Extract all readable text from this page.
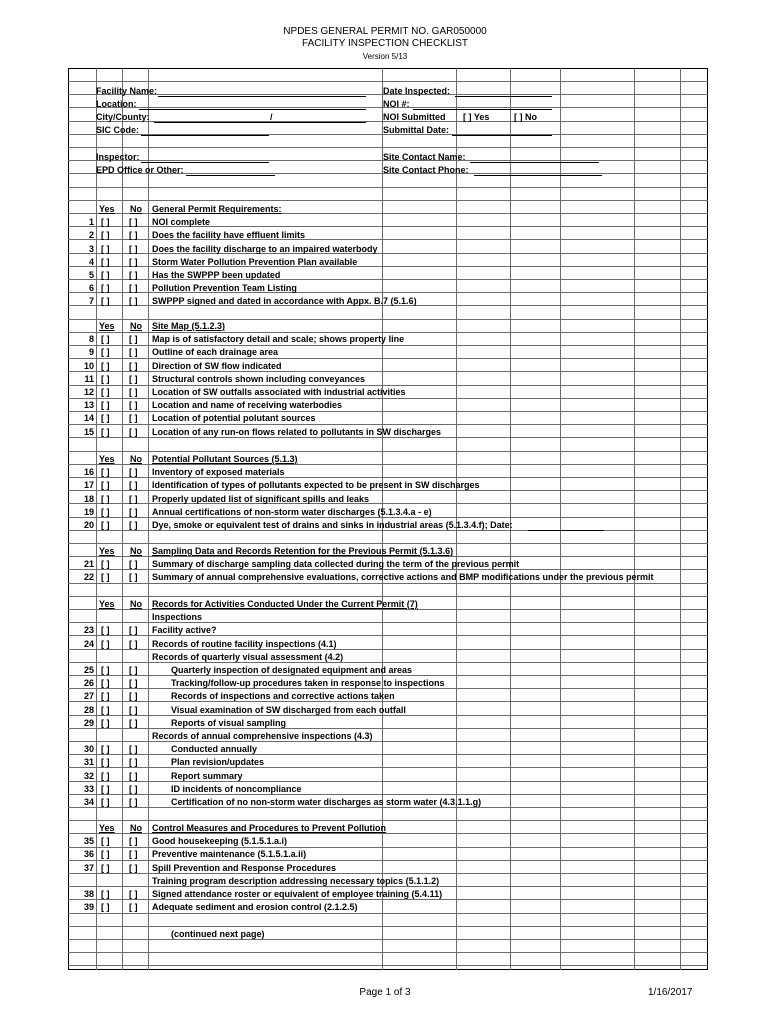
NPDES GENERAL PERMIT NO. GAR050000
FACILITY INSPECTION CHECKLIST
Version 5/13
Facility Name:
Location:
City/County:	/
SIC Code:
Date Inspected:
NOI #:
NOI Submitted [ ] Yes	[ ] No
Submittal Date:
Inspector:
EPD Office or Other:
Site Contact Name:
Site Contact Phone:
Yes No General Permit Requirements:
1 [ ] [ ] NOI complete
2 [ ] [ ] Does the facility have effluent limits
3 [ ] [ ] Does the facility discharge to an impaired waterbody
4 [ ] [ ] Storm Water Pollution Prevention Plan available
5 [ ] [ ] Has the SWPPP been updated
6 [ ] [ ] Pollution Prevention Team Listing
7 [ ] [ ] SWPPP signed and dated in accordance with Appx. B.7 (5.1.6)
Yes No Site Map (5.1.2.3)
8 [ ] [ ] Map is of satisfactory detail and scale; shows property line
9 [ ] [ ] Outline of each drainage area
10 [ ] [ ] Direction of SW flow indicated
11 [ ] [ ] Structural controls shown including conveyances
12 [ ] [ ] Location of SW outfalls associated with industrial activities
13 [ ] [ ] Location and name of receiving waterbodies
14 [ ] [ ] Location of potential polutant sources
15 [ ] [ ] Location of any run-on flows related to pollutants in SW discharges
Yes No Potential Pollutant Sources (5.1.3)
16 [ ] [ ] Inventory of exposed materials
17 [ ] [ ] Identification of types of pollutants expected to be present in SW discharges
18 [ ] [ ] Properly updated list of significant spills and leaks
19 [ ] [ ] Annual certifications of non-storm water discharges (5.1.3.4.a - e)
20 [ ] [ ] Dye, smoke or equivalent test of drains and sinks in industrial areas (5.1.3.4.f); Date:
Yes No Sampling Data and Records Retention for the Previous Permit (5.1.3.6)
21 [ ] [ ] Summary of discharge sampling data collected during the term of the previous permit
22 [ ] [ ] Summary of annual comprehensive evaluations, corrective actions and BMP modifications under the previous permit
Yes No Records for Activities Conducted Under the Current Permit (7)
Inspections
23 [ ] [ ] Facility active?
24 [ ] [ ] Records of routine facility inspections (4.1)
Records of quarterly visual assessment (4.2)
25 [ ] [ ]	Quarterly inspection of designated equipment and areas
26 [ ] [ ]	Tracking/follow-up procedures taken in response to inspections
27 [ ] [ ]	Records of inspections and corrective actions taken
28 [ ] [ ]	Visual examination of SW discharged from each outfall
29 [ ] [ ]	Reports of visual sampling
Records of annual comprehensive inspections (4.3)
30 [ ] [ ]	Conducted annually
31 [ ] [ ]	Plan revision/updates
32 [ ] [ ]	Report summary
33 [ ] [ ]	ID incidents of noncompliance
34 [ ] [ ]	Certification of no non-storm water discharges as storm water (4.3.1.1.g)
Yes No Control Measures and Procedures to Prevent Pollution
35 [ ] [ ] Good housekeeping (5.1.5.1.a.i)
36 [ ] [ ] Preventive maintenance (5.1.5.1.a.ii)
37 [ ] [ ] Spill Prevention and Response Procedures
Training program description addressing necessary topics (5.1.1.2)
38 [ ] [ ] Signed attendance roster or equivalent of employee training (5.4.11)
39 [ ] [ ] Adequate sediment and erosion control (2.1.2.5)
(continued next page)
Page 1 of 3	1/16/2017
